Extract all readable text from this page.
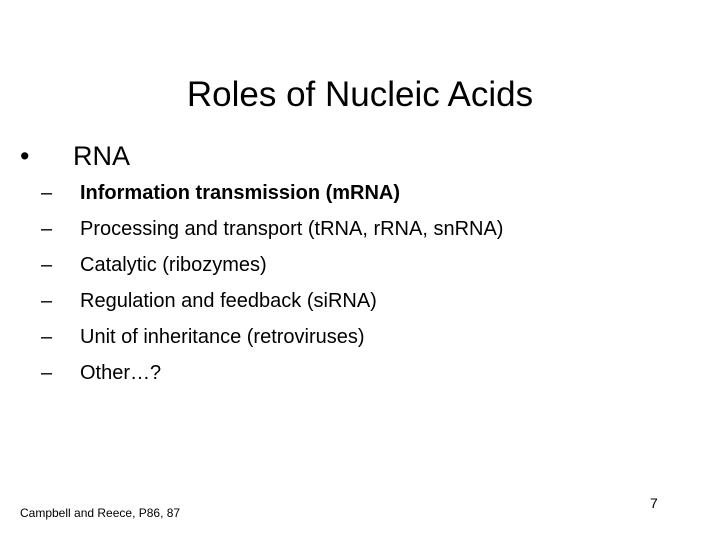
Roles of Nucleic Acids
• RNA
– Information transmission (mRNA)
– Processing and transport (tRNA, rRNA, snRNA)
– Catalytic (ribozymes)
– Regulation and feedback (siRNA)
– Unit of inheritance (retroviruses)
– Other…?
Campbell and Reece, P86, 87
7
